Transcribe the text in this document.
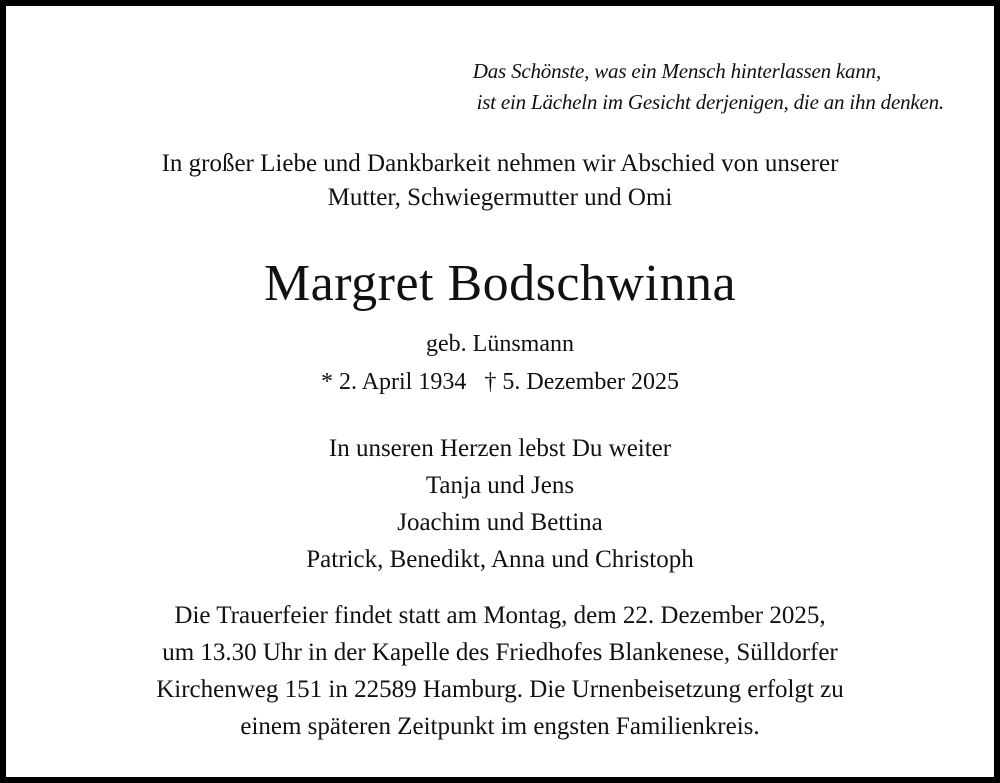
Das Schönste, was ein Mensch hinterlassen kann,
ist ein Lächeln im Gesicht derjenigen, die an ihn denken.
In großer Liebe und Dankbarkeit nehmen wir Abschied von unserer
Mutter, Schwiegermutter und Omi
Margret Bodschwinna
geb. Lünsmann
* 2. April 1934 † 5. Dezember 2025
In unseren Herzen lebst Du weiter
Tanja und Jens
Joachim und Bettina
Patrick, Benedikt, Anna und Christoph
Die Trauerfeier findet statt am Montag, dem 22. Dezember 2025,
um 13.30 Uhr in der Kapelle des Friedhofes Blankenese, Sülldorfer
Kirchenweg 151 in 22589 Hamburg. Die Urnenbeisetzung erfolgt zu
einem späteren Zeitpunkt im engsten Familienkreis.
